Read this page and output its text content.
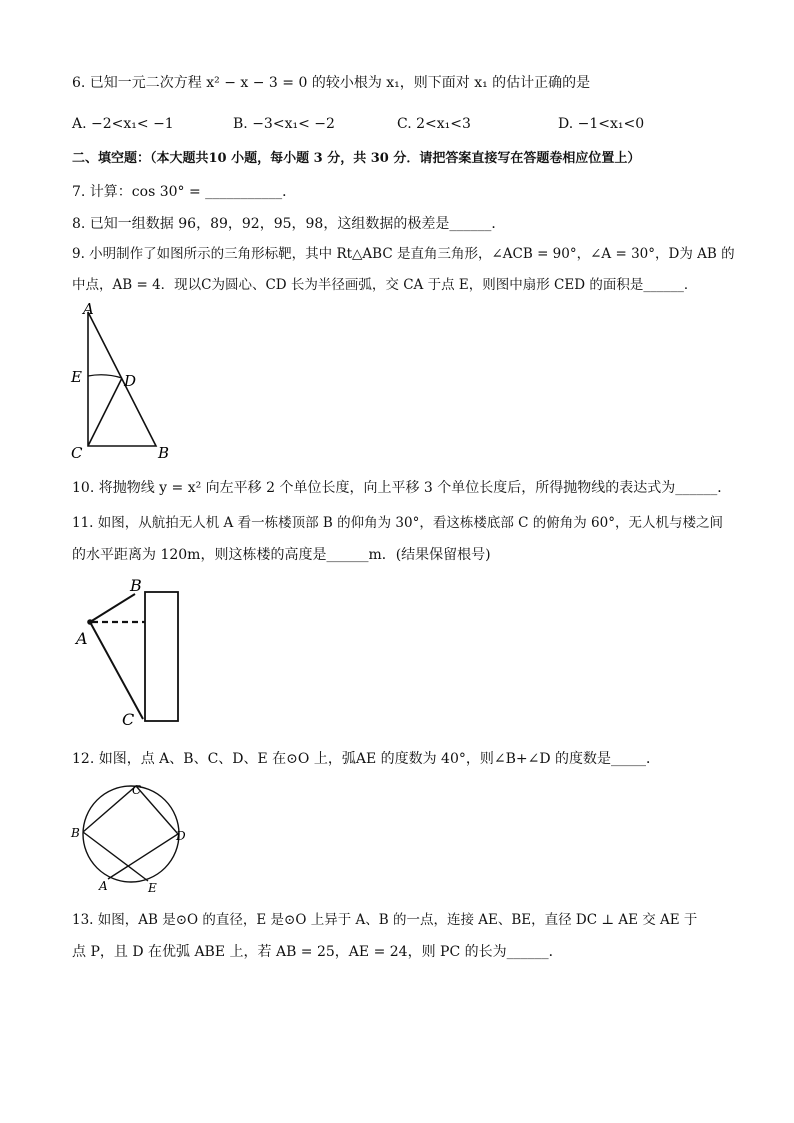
6. 已知一元二次方程 x² − x − 3 = 0 的较小根为 x₁，则下面对 x₁ 的估计正确的是
A. −2<x₁< −1	B. −3<x₁< −2	C. 2<x₁<3	D. −1<x₁<0
二、填空题：（本大题共10 小题，每小题 3 分，共 30 分．请把答案直接写在答题卷相应位置上）
7. 计算：cos 30° = ___________．
8. 已知一组数据 96，89，92，95，98，这组数据的极差是______．
9. 小明制作了如图所示的三角形标靶，其中 Rt△ABC 是直角三角形，∠ACB = 90°，∠A = 30°，D为 AB 的
中点，AB = 4．现以C为圆心、CD 长为半径画弧，交 CA 于点 E，则图中扇形 CED 的面积是______．
A
E	D
C	B
10. 将抛物线 y = x² 向左平移 2 个单位长度，向上平移 3 个单位长度后，所得抛物线的表达式为______．
11. 如图，从航拍无人机 A 看一栋楼顶部 B 的仰角为 30°，看这栋楼底部 C 的俯角为 60°，无人机与楼之间
的水平距离为 120m，则这栋楼的高度是______m．(结果保留根号)
B
A
C
12. 如图，点 A、B、C、D、E 在⊙O 上，弧AE 的度数为 40°，则∠B+∠D 的度数是_____．
C
B	D
A	E
13. 如图，AB 是⊙O 的直径，E 是⊙O 上异于 A、B 的一点，连接 AE、BE，直径 DC ⊥ AE 交 AE 于
点 P，且 D 在优弧 ABE 上，若 AB = 25，AE = 24，则 PC 的长为______．
